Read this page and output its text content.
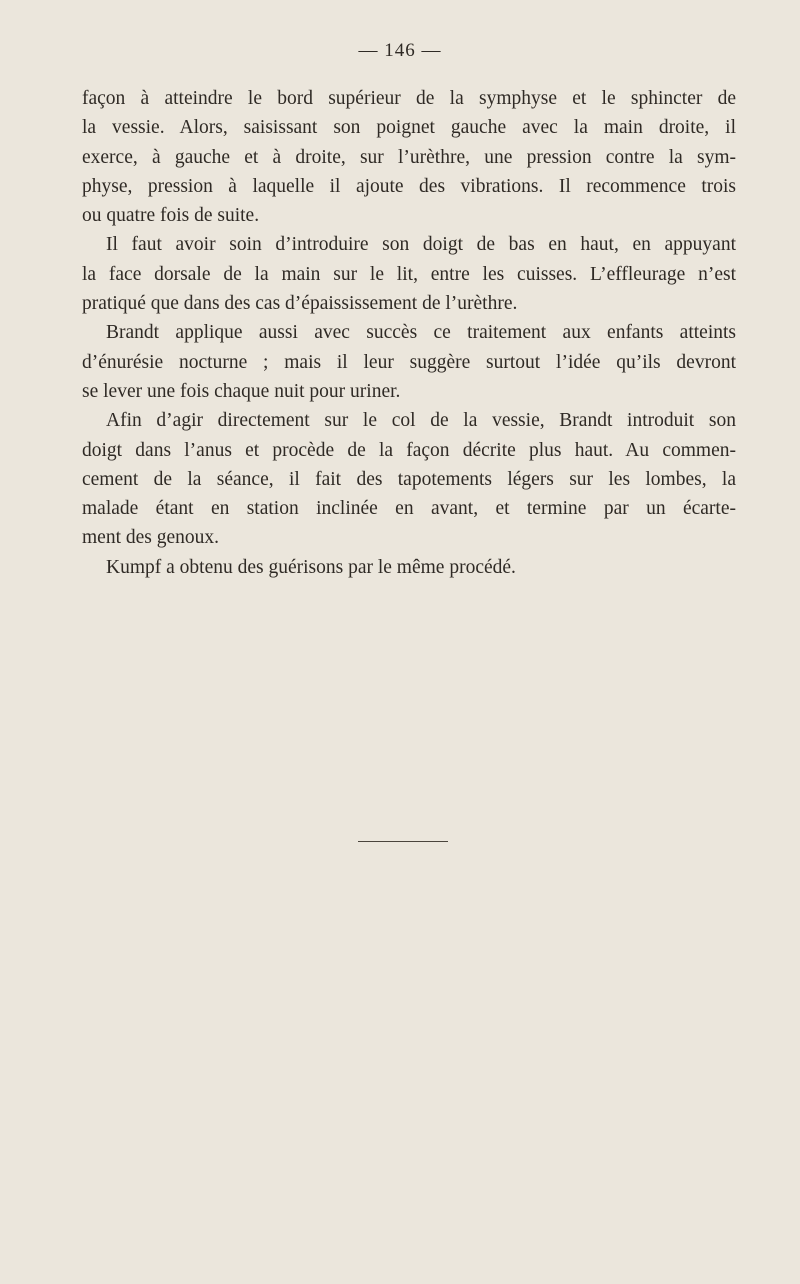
— 146 —
façon à atteindre le bord supérieur de la symphyse et le sphincter de
la vessie. Alors, saisissant son poignet gauche avec la main droite, il
exerce, à gauche et à droite, sur l’urèthre, une pression contre la sym-
physe, pression à laquelle il ajoute des vibrations. Il recommence trois
ou quatre fois de suite.
Il faut avoir soin d’introduire son doigt de bas en haut, en appuyant
la face dorsale de la main sur le lit, entre les cuisses. L’effleurage n’est
pratiqué que dans des cas d’épaississement de l’urèthre.
Brandt applique aussi avec succès ce traitement aux enfants atteints
d’énurésie nocturne ; mais il leur suggère surtout l’idée qu’ils devront
se lever une fois chaque nuit pour uriner.
Afin d’agir directement sur le col de la vessie, Brandt introduit son
doigt dans l’anus et procède de la façon décrite plus haut. Au commen-
cement de la séance, il fait des tapotements légers sur les lombes, la
malade étant en station inclinée en avant, et termine par un écarte-
ment des genoux.
Kumpf a obtenu des guérisons par le même procédé.
